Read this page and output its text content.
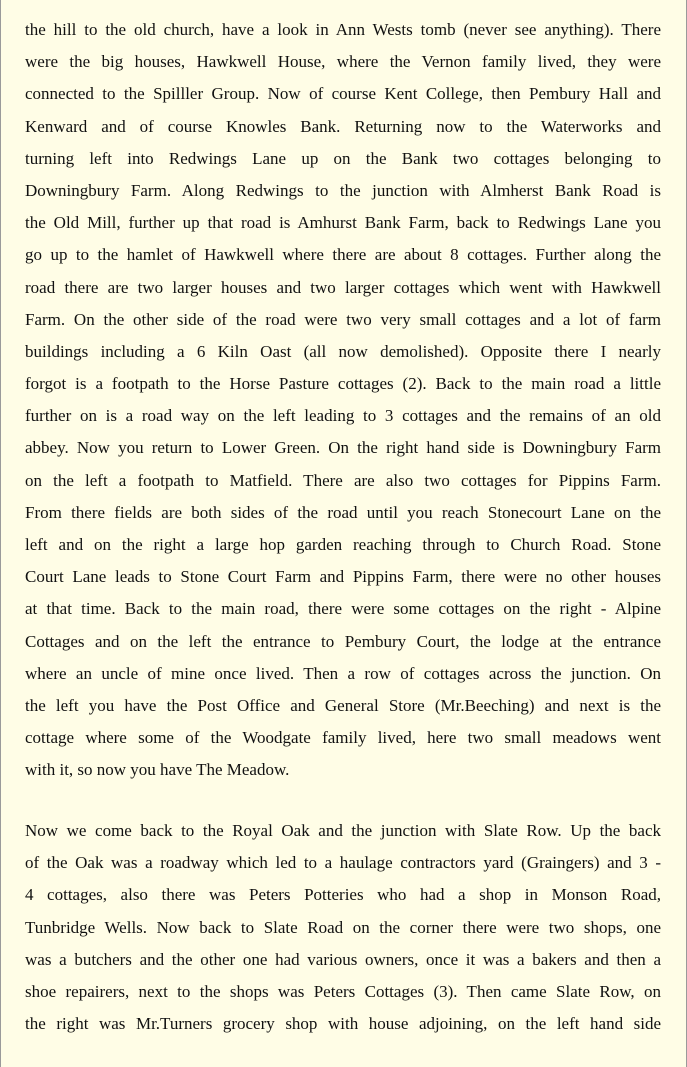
the hill to the old church, have a look in Ann Wests tomb (never see anything). There
were the big houses, Hawkwell House, where the Vernon family lived, they were
connected to the Spilller Group. Now of course Kent College, then Pembury Hall and
Kenward and of course Knowles Bank. Returning now to the Waterworks and
turning left into Redwings Lane up on the Bank two cottages belonging to
Downingbury Farm. Along Redwings to the junction with Almherst Bank Road is
the Old Mill, further up that road is Amhurst Bank Farm, back to Redwings Lane you
go up to the hamlet of Hawkwell where there are about 8 cottages. Further along the
road there are two larger houses and two larger cottages which went with Hawkwell
Farm. On the other side of the road were two very small cottages and a lot of farm
buildings including a 6 Kiln Oast (all now demolished). Opposite there I nearly
forgot is a footpath to the Horse Pasture cottages (2). Back to the main road a little
further on is a road way on the left leading to 3 cottages and the remains of an old
abbey. Now you return to Lower Green. On the right hand side is Downingbury Farm
on the left a footpath to Matfield. There are also two cottages for Pippins Farm.
From there fields are both sides of the road until you reach Stonecourt Lane on the
left and on the right a large hop garden reaching through to Church Road. Stone
Court Lane leads to Stone Court Farm and Pippins Farm, there were no other houses
at that time. Back to the main road, there were some cottages on the right - Alpine
Cottages and on the left the entrance to Pembury Court, the lodge at the entrance
where an uncle of mine once lived. Then a row of cottages across the junction. On
the left you have the Post Office and General Store (Mr.Beeching) and next is the
cottage where some of the Woodgate family lived, here two small meadows went
with it, so now you have The Meadow.
Now we come back to the Royal Oak and the junction with Slate Row. Up the back
of the Oak was a roadway which led to a haulage contractors yard (Graingers) and 3 -
4 cottages, also there was Peters Potteries who had a shop in Monson Road,
Tunbridge Wells. Now back to Slate Road on the corner there were two shops, one
was a butchers and the other one had various owners, once it was a bakers and then a
shoe repairers, next to the shops was Peters Cottages (3). Then came Slate Row, on
the right was Mr.Turners grocery shop with house adjoining, on the left hand side
